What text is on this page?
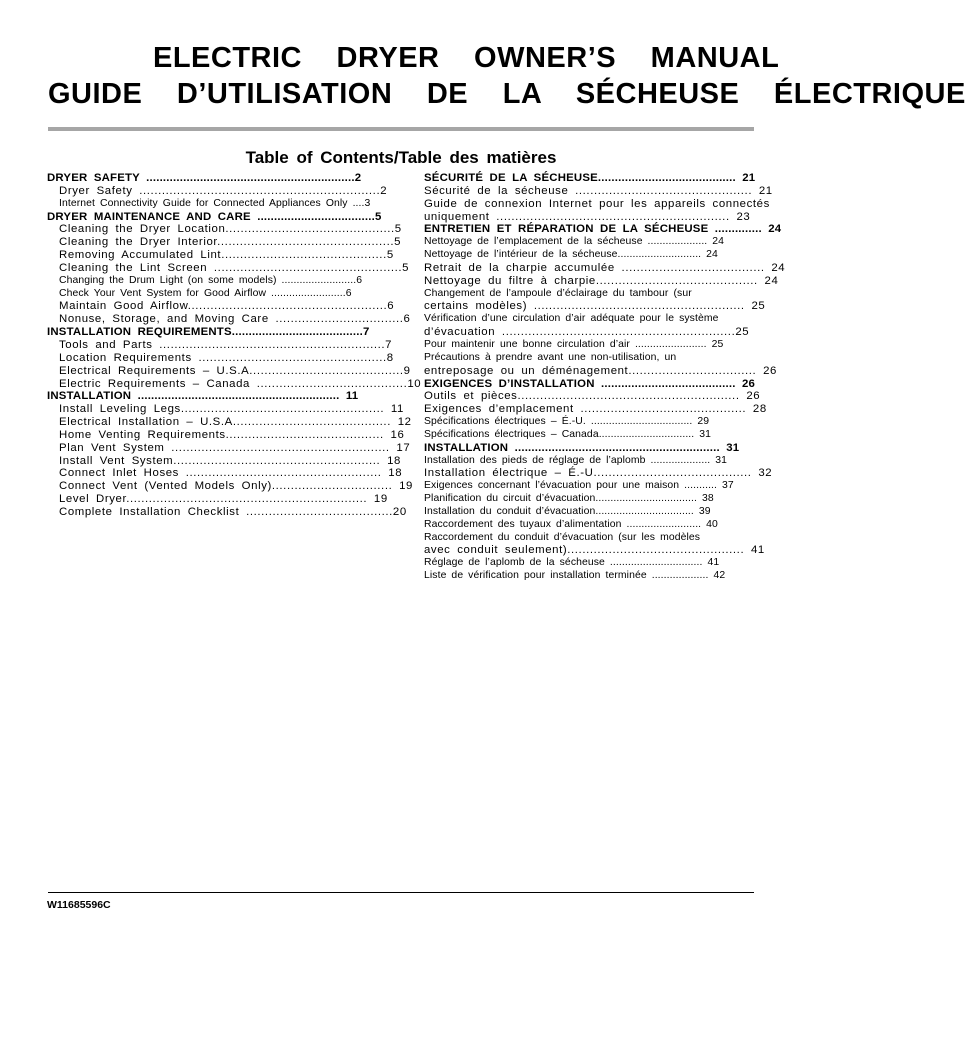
ELECTRIC DRYER OWNER’S MANUAL
GUIDE D’UTILISATION DE LA SÉCHEUSE ÉLECTRIQUE
Table of Contents/Table des matières
DRYER SAFETY ..............................................................2
Dryer Safety ................................................................2
Internet Connectivity Guide for Connected Appliances Only ....3
DRYER MAINTENANCE AND CARE ...................................5
Cleaning the Dryer Location.............................................5
Cleaning the Dryer Interior...............................................5
Removing Accumulated Lint............................................5
Cleaning the Lint Screen ..................................................5
Changing the Drum Light (on some models) .........................6
Check Your Vent System for Good Airflow .........................6
Maintain Good Airflow.....................................................6
Nonuse, Storage, and Moving Care ..................................6
INSTALLATION REQUIREMENTS.......................................7
Tools and Parts ............................................................7
Location Requirements ..................................................8
Electrical Requirements – U.S.A.........................................9
Electric Requirements – Canada ........................................10
INSTALLATION ............................................................ 11
Install Leveling Legs...................................................... 11
Electrical Installation – U.S.A.......................................... 12
Home Venting Requirements.......................................... 16
Plan Vent System .......................................................... 17
Install Vent System....................................................... 18
Connect Inlet Hoses .................................................... 18
Connect Vent (Vented Models Only)................................ 19
Level Dryer................................................................ 19
Complete Installation Checklist .......................................20
SÉCURITÉ DE LA SÉCHEUSE......................................... 21
Sécurité de la sécheuse ............................................... 21
Guide de connexion Internet pour les appareils connectés
uniquement .............................................................. 23
ENTRETIEN ET RÉPARATION DE LA SÉCHEUSE .............. 24
Nettoyage de l’emplacement de la sécheuse .................... 24
Nettoyage de l’intérieur de la sécheuse............................ 24
Retrait de la charpie accumulée ...................................... 24
Nettoyage du filtre à charpie........................................... 24
Changement de l’ampoule d’éclairage du tambour (sur
certains modèles) ........................................................ 25
Vérification d’une circulation d’air adéquate pour le système
d’évacuation ..............................................................25
Pour maintenir une bonne circulation d’air ........................ 25
Précautions à prendre avant une non-utilisation, un
entreposage ou un déménagement.................................. 26
EXIGENCES D’INSTALLATION ........................................ 26
Outils et pièces........................................................... 26
Exigences d’emplacement ............................................ 28
Spécifications électriques – É.-U. .................................. 29
Spécifications électriques – Canada................................ 31
INSTALLATION ............................................................. 31
Installation des pieds de réglage de l’aplomb .................... 31
Installation électrique – É.-U.......................................... 32
Exigences concernant l’évacuation pour une maison ........... 37
Planification du circuit d’évacuation.................................. 38
Installation du conduit d’évacuation................................. 39
Raccordement des tuyaux d’alimentation ......................... 40
Raccordement du conduit d’évacuation (sur les modèles
avec conduit seulement)............................................... 41
Réglage de l’aplomb de la sécheuse ............................... 41
Liste de vérification pour installation terminée ................... 42
W11685596C
